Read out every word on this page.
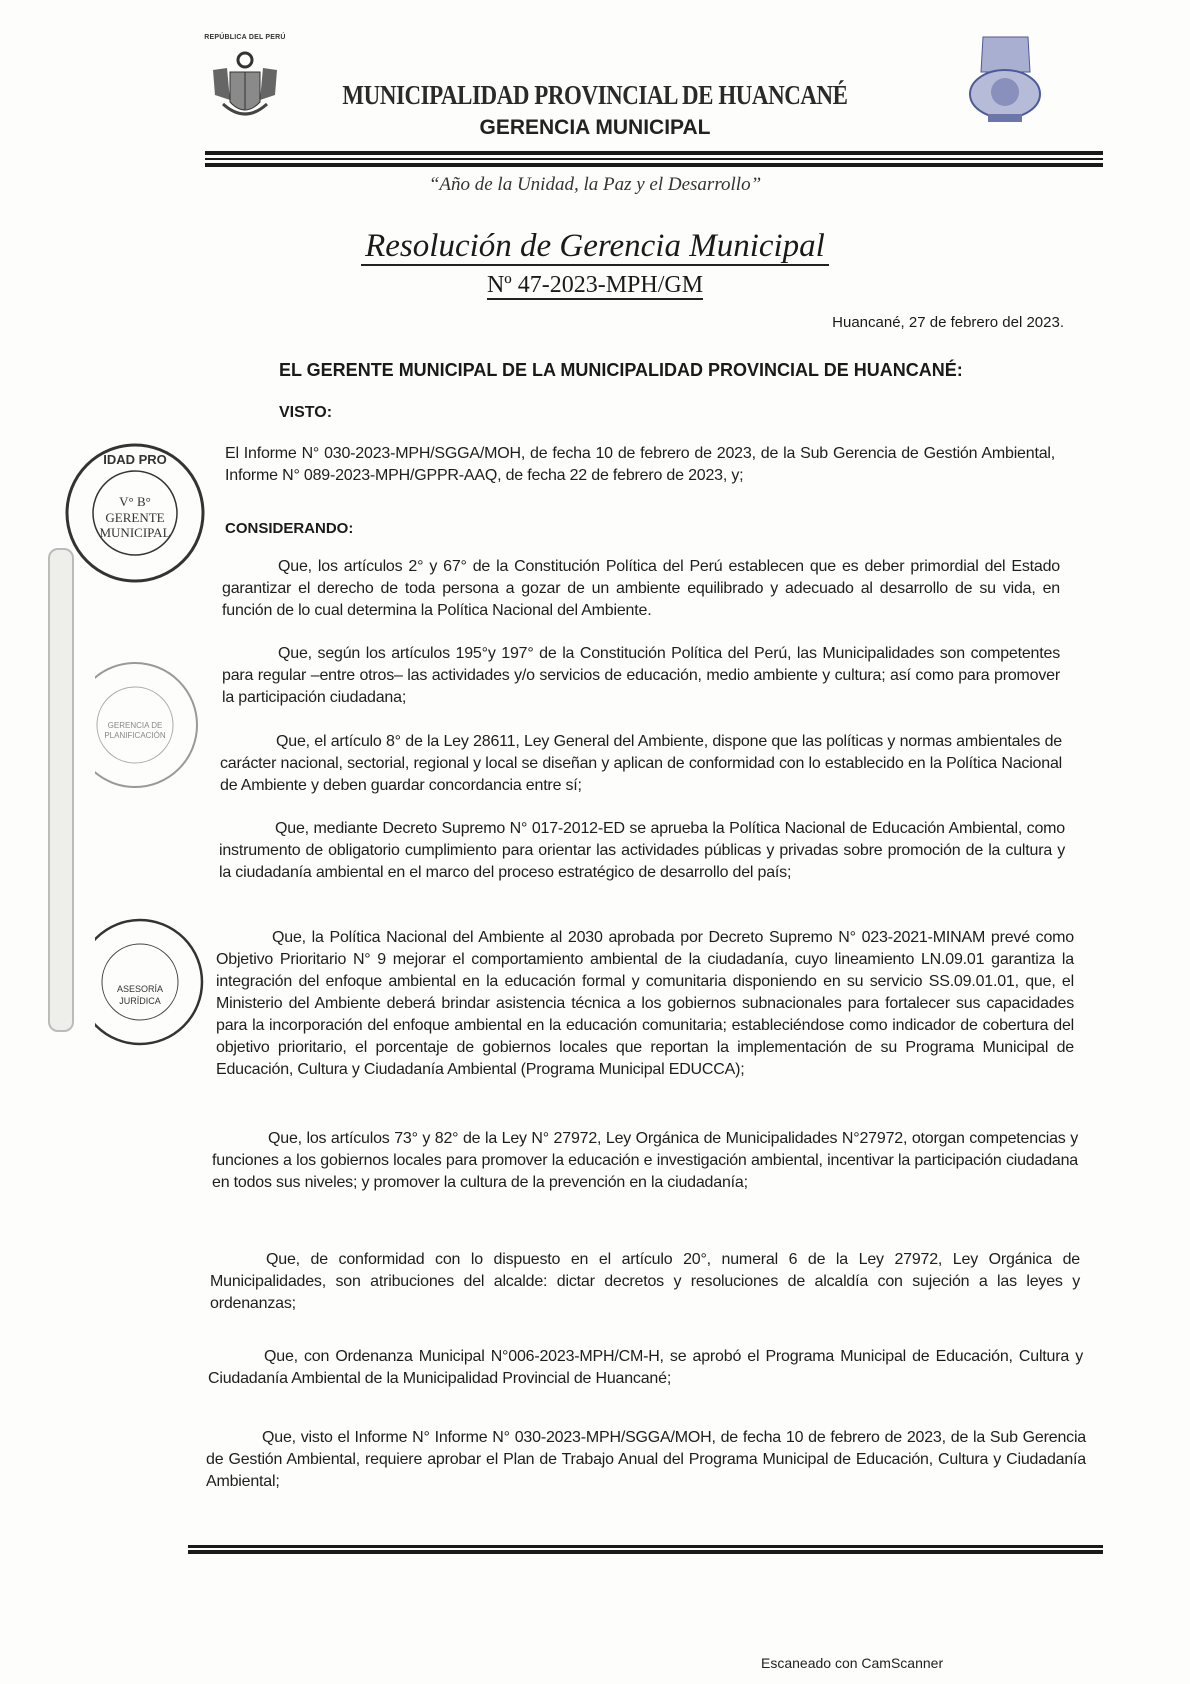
REPÚBLICA DEL PERÚ
MUNICIPALIDAD PROVINCIAL DE HUANCANÉ
GERENCIA MUNICIPAL
“Año de la Unidad, la Paz y el Desarrollo”
Resolución de Gerencia Municipal
Nº 47-2023-MPH/GM
Huancané, 27 de febrero del 2023.
EL GERENTE MUNICIPAL DE LA MUNICIPALIDAD PROVINCIAL DE HUANCANÉ:
VISTO:
El Informe N° 030-2023-MPH/SGGA/MOH, de fecha 10 de febrero de 2023, de la Sub Gerencia de Gestión Ambiental, Informe N° 089-2023-MPH/GPPR-AAQ, de fecha 22 de febrero de 2023, y;
CONSIDERANDO:
Que, los artículos 2° y 67° de la Constitución Política del Perú establecen que es deber primordial del Estado garantizar el derecho de toda persona a gozar de un ambiente equilibrado y adecuado al desarrollo de su vida, en función de lo cual determina la Política Nacional del Ambiente.
Que, según los artículos 195°y 197° de la Constitución Política del Perú, las Municipalidades son competentes para regular –entre otros– las actividades y/o servicios de educación, medio ambiente y cultura; así como para promover la participación ciudadana;
Que, el artículo 8° de la Ley 28611, Ley General del Ambiente, dispone que las políticas y normas ambientales de carácter nacional, sectorial, regional y local se diseñan y aplican de conformidad con lo establecido en la Política Nacional de Ambiente y deben guardar concordancia entre sí;
Que, mediante Decreto Supremo N° 017-2012-ED se aprueba la Política Nacional de Educación Ambiental, como instrumento de obligatorio cumplimiento para orientar las actividades públicas y privadas sobre promoción de la cultura y la ciudadanía ambiental en el marco del proceso estratégico de desarrollo del país;
Que, la Política Nacional del Ambiente al 2030 aprobada por Decreto Supremo N° 023-2021-MINAM prevé como Objetivo Prioritario N° 9 mejorar el comportamiento ambiental de la ciudadanía, cuyo lineamiento LN.09.01 garantiza la integración del enfoque ambiental en la educación formal y comunitaria disponiendo en su servicio SS.09.01.01, que, el Ministerio del Ambiente deberá brindar asistencia técnica a los gobiernos subnacionales para fortalecer sus capacidades para la incorporación del enfoque ambiental en la educación comunitaria; estableciéndose como indicador de cobertura del objetivo prioritario, el porcentaje de gobiernos locales que reportan la implementación de su Programa Municipal de Educación, Cultura y Ciudadanía Ambiental (Programa Municipal EDUCCA);
Que, los artículos 73° y 82° de la Ley N° 27972, Ley Orgánica de Municipalidades N°27972, otorgan competencias y funciones a los gobiernos locales para promover la educación e investigación ambiental, incentivar la participación ciudadana en todos sus niveles; y promover la cultura de la prevención en la ciudadanía;
Que, de conformidad con lo dispuesto en el artículo 20°, numeral 6 de la Ley 27972, Ley Orgánica de Municipalidades, son atribuciones del alcalde: dictar decretos y resoluciones de alcaldía con sujeción a las leyes y ordenanzas;
Que, con Ordenanza Municipal N°006-2023-MPH/CM-H, se aprobó el Programa Municipal de Educación, Cultura y Ciudadanía Ambiental de la Municipalidad Provincial de Huancané;
Que, visto el Informe N° Informe N° 030-2023-MPH/SGGA/MOH, de fecha 10 de febrero de 2023, de la Sub Gerencia de Gestión Ambiental, requiere aprobar el Plan de Trabajo Anual del Programa Municipal de Educación, Cultura y Ciudadanía Ambiental;
V° B°
GERENTE
MUNICIPAL
IDAD PRO
GERENCIA DE
PLANIFICACIÓN
ASESORÍA
JURÍDICA
Escaneado con CamScanner
